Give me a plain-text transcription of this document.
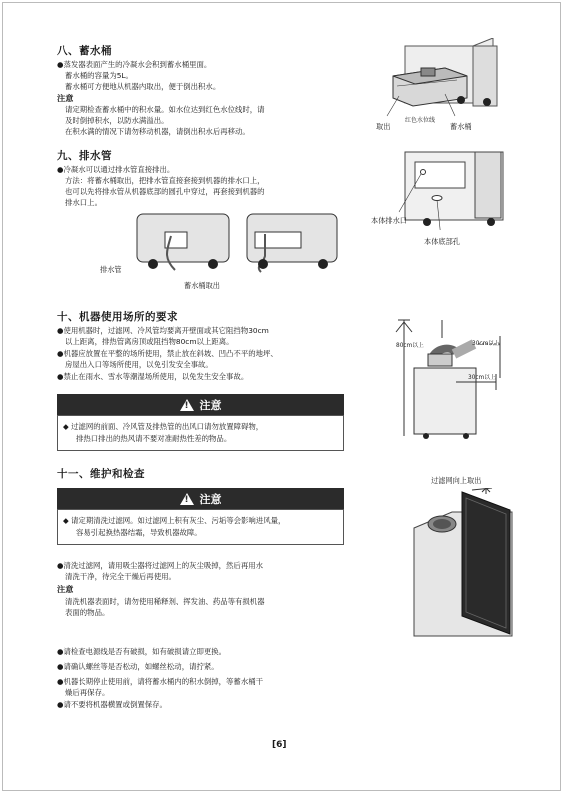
八、蓄水桶
●蒸发器表面产生的冷凝水会积到蓄水桶里面。
蓄水桶的容量为5L。
蓄水桶可方便地从机器内取出，便于倒出积水。
注意
请定期检查蓄水桶中的积水量。如水位达到红色水位线时，请
及时倒掉积水，以防水满溢出。
在积水满的情况下请勿移动机器，请倒出积水后再移动。
取出
红色水位线
蓄水桶
九、排水管
●冷凝水可以通过排水管直接排出。
方法：将蓄水桶取出，把排水管直接套接到机器的排水口上，
也可以先将排水管从机器底部的圆孔中穿过，再套接到机器的
排水口上。
本体排水口
本体底部孔
排水管
蓄水桶取出
十、机器使用场所的要求
●使用机器时，过滤网、冷风管均要离开壁面或其它阻挡物30cm
以上距离，排热管离房顶或阻挡物80cm以上距离。
●机器应放置在平整的场所使用，禁止放在斜坡、凹凸不平的地坪、
房屋出入口等场所使用，以免引发安全事故。
●禁止在雨水、雪水等潮湿场所使用，以免发生安全事故。
80cm以上	30cm以上
30cm以上
! 注意
◆ 过滤网的前面、冷风管及排热管的出风口请勿放置障碍物，
排热口排出的热风请不要对准耐热性差的物品。
十一、维护和检查
! 注意
◆ 请定期清洗过滤网。如过滤网上积有灰尘、污垢等会影响进风量，
容易引起换热器结霜，导致机器故障。
过滤网向上取出
●清洗过滤网，请用吸尘器将过滤网上的灰尘吸掉，然后再用水
清洗干净，待完全干燥后再使用。
注意
清洗机器表面时，请勿使用稀释剂、挥发油、药品等有损机器
表面的物品。
●请检查电源线是否有破损，如有破损请立即更换。
●请确认螺丝等是否松动，如螺丝松动，请拧紧。
●机器长期停止使用前，请将蓄水桶内的积水倒掉，等蓄水桶干
燥后再保存。
●请不要将机器横置或倒置保存。
[6]
